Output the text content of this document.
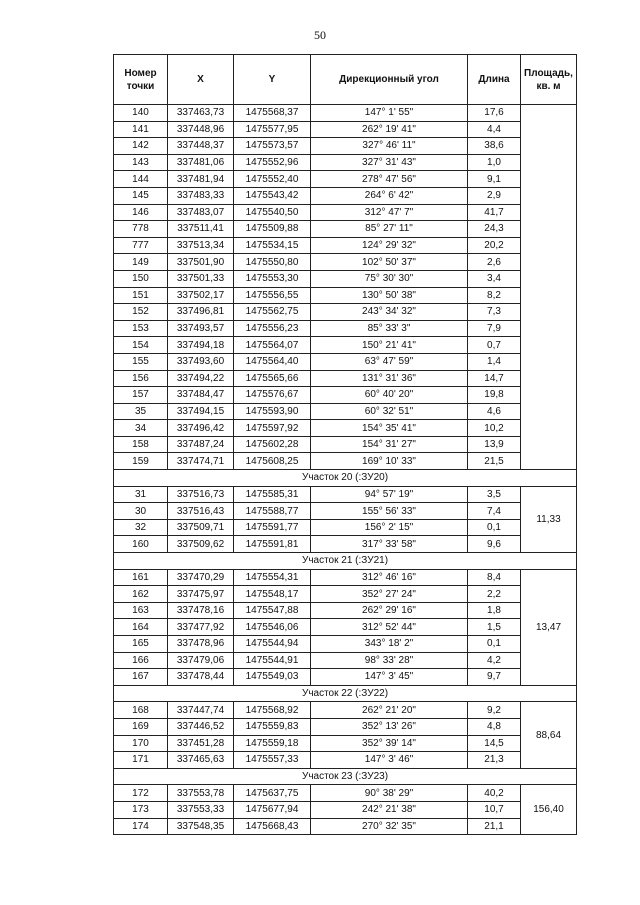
50
Номер точки	X	Y	Дирекционный угол	Длина	Площадь, кв. м
140	337463,73	1475568,37	147° 1' 55"	17,6	
141	337448,96	1475577,95	262° 19' 41"	4,4	
142	337448,37	1475573,57	327° 46' 11"	38,6	
143	337481,06	1475552,96	327° 31' 43"	1,0	
144	337481,94	1475552,40	278° 47' 56"	9,1	
145	337483,33	1475543,42	264° 6' 42"	2,9	
146	337483,07	1475540,50	312° 47' 7"	41,7	
778	337511,41	1475509,88	85° 27' 11"	24,3	
777	337513,34	1475534,15	124° 29' 32"	20,2	
149	337501,90	1475550,80	102° 50' 37"	2,6	
150	337501,33	1475553,30	75° 30' 30"	3,4	
151	337502,17	1475556,55	130° 50' 38"	8,2	
152	337496,81	1475562,75	243° 34' 32"	7,3	
153	337493,57	1475556,23	85° 33' 3"	7,9	
154	337494,18	1475564,07	150° 21' 41"	0,7	
155	337493,60	1475564,40	63° 47' 59"	1,4	
156	337494,22	1475565,66	131° 31' 36"	14,7	
157	337484,47	1475576,67	60° 40' 20"	19,8	
35	337494,15	1475593,90	60° 32' 51"	4,6	
34	337496,42	1475597,92	154° 35' 41"	10,2	
158	337487,24	1475602,28	154° 31' 27"	13,9	
159	337474,71	1475608,25	169° 10' 33"	21,5	
Участок 20 (:ЗУ20)					
31	337516,73	1475585,31	94° 57' 19"	3,5	11,33
30	337516,43	1475588,77	155° 56' 33"	7,4	
32	337509,71	1475591,77	156° 2' 15"	0,1	
160	337509,62	1475591,81	317° 33' 58"	9,6	
Участок 21 (:ЗУ21)					
161	337470,29	1475554,31	312° 46' 16"	8,4	13,47
162	337475,97	1475548,17	352° 27' 24"	2,2	
163	337478,16	1475547,88	262° 29' 16"	1,8	
164	337477,92	1475546,06	312° 52' 44"	1,5	
165	337478,96	1475544,94	343° 18' 2"	0,1	
166	337479,06	1475544,91	98° 33' 28"	4,2	
167	337478,44	1475549,03	147° 3' 45"	9,7	
Участок 22 (:ЗУ22)					
168	337447,74	1475568,92	262° 21' 20"	9,2	88,64
169	337446,52	1475559,83	352° 13' 26"	4,8	
170	337451,28	1475559,18	352° 39' 14"	14,5	
171	337465,63	1475557,33	147° 3' 46"	21,3	
Участок 23 (:ЗУ23)					
172	337553,78	1475637,75	90° 38' 29"	40,2	156,40
173	337553,33	1475677,94	242° 21' 38"	10,7	
174	337548,35	1475668,43	270° 32' 35"	21,1	
